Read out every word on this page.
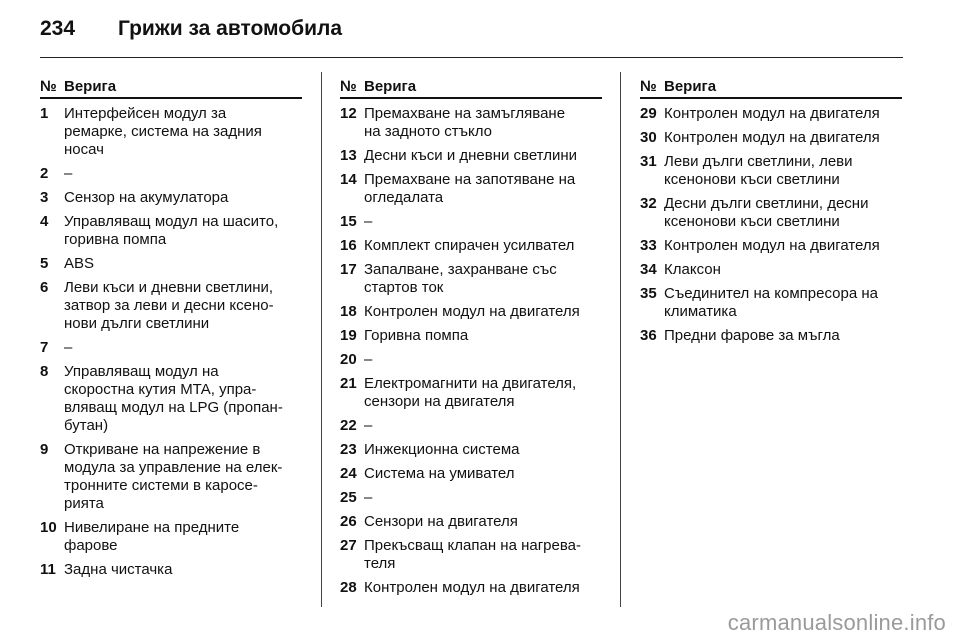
234	Грижи за автомобила
№ Верига
1	Интерфейсен модул за
ремарке, система на задния
носач
2	–
3	Сензор на акумулатора
4	Управляващ модул на шасито,
горивна помпа
5	ABS
6	Леви къси и дневни светлини,
затвор за леви и десни ксено-
нови дълги светлини
7	–
8	Управляващ модул на
скоростна кутия MTA, упра-
вляващ модул на LPG (пропан-
бутан)
9	Откриване на напрежение в
модула за управление на елек-
тронните системи в каросе-
рията
10 Нивелиране на предните
фарове
11 Задна чистачка
№ Верига
12 Премахване на замъгляване
на задното стъкло
13 Десни къси и дневни светлини
14 Премахване на запотяване на
огледалата
15 –
16 Комплект спирачен усилвател
17 Запалване, захранване със
стартов ток
18 Контролен модул на двигателя
19 Горивна помпа
20 –
21 Електромагнити на двигателя,
сензори на двигателя
22 –
23 Инжекционна система
24 Система на умивател
25 –
26 Сензори на двигателя
27 Прекъсващ клапан на нагрева-
теля
28 Контролен модул на двигателя
№ Верига
29 Контролен модул на двигателя
30 Контролен модул на двигателя
31 Леви дълги светлини, леви
ксенонови къси светлини
32 Десни дълги светлини, десни
ксенонови къси светлини
33 Контролен модул на двигателя
34 Клаксон
35 Съединител на компресора на
климатика
36 Предни фарове за мъгла
carmanualsonline.info
